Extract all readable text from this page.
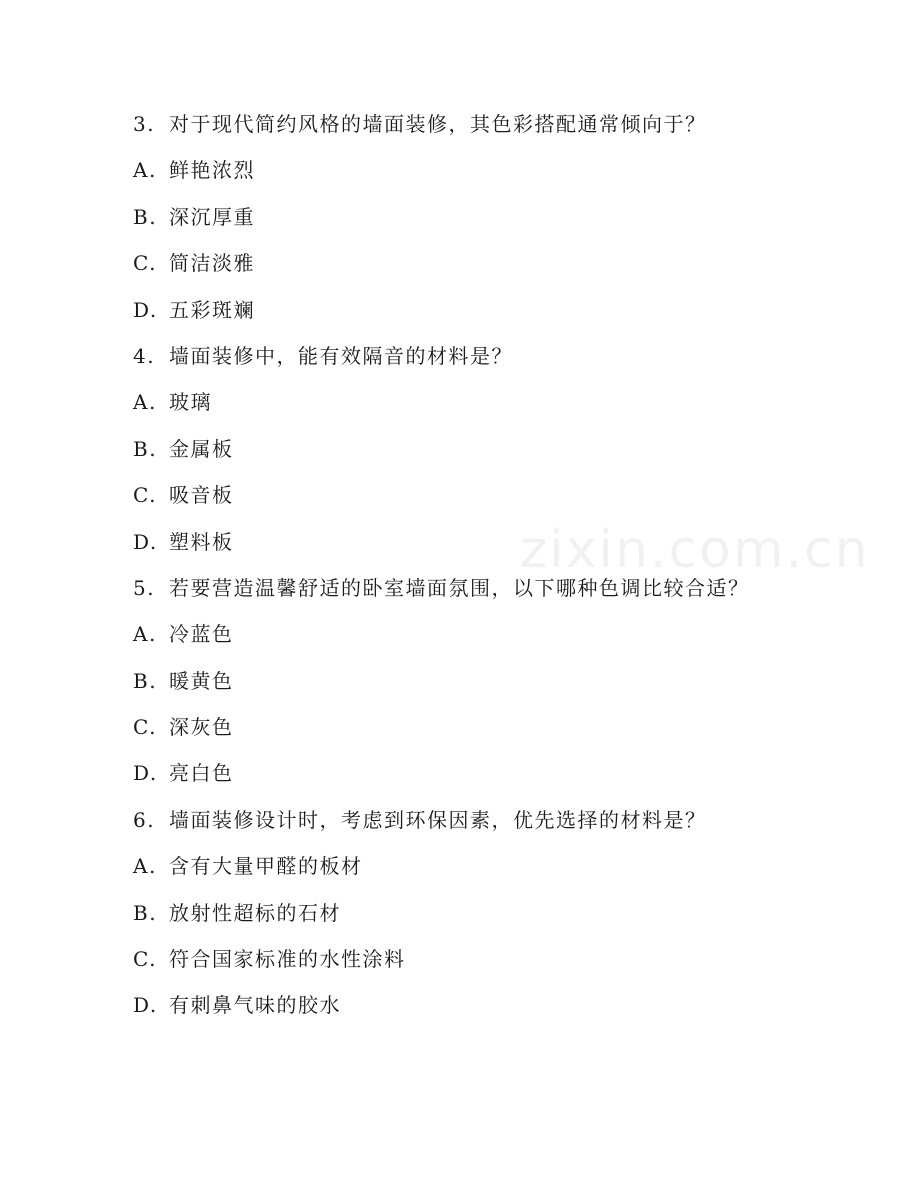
zixin.com.cn
3. 对于现代简约风格的墙面装修，其色彩搭配通常倾向于？
A. 鲜艳浓烈
B. 深沉厚重
C. 简洁淡雅
D. 五彩斑斓
4. 墙面装修中，能有效隔音的材料是？
A. 玻璃
B. 金属板
C. 吸音板
D. 塑料板
5. 若要营造温馨舒适的卧室墙面氛围，以下哪种色调比较合适？
A. 冷蓝色
B. 暖黄色
C. 深灰色
D. 亮白色
6. 墙面装修设计时，考虑到环保因素，优先选择的材料是？
A. 含有大量甲醛的板材
B. 放射性超标的石材
C. 符合国家标准的水性涂料
D. 有刺鼻气味的胶水
